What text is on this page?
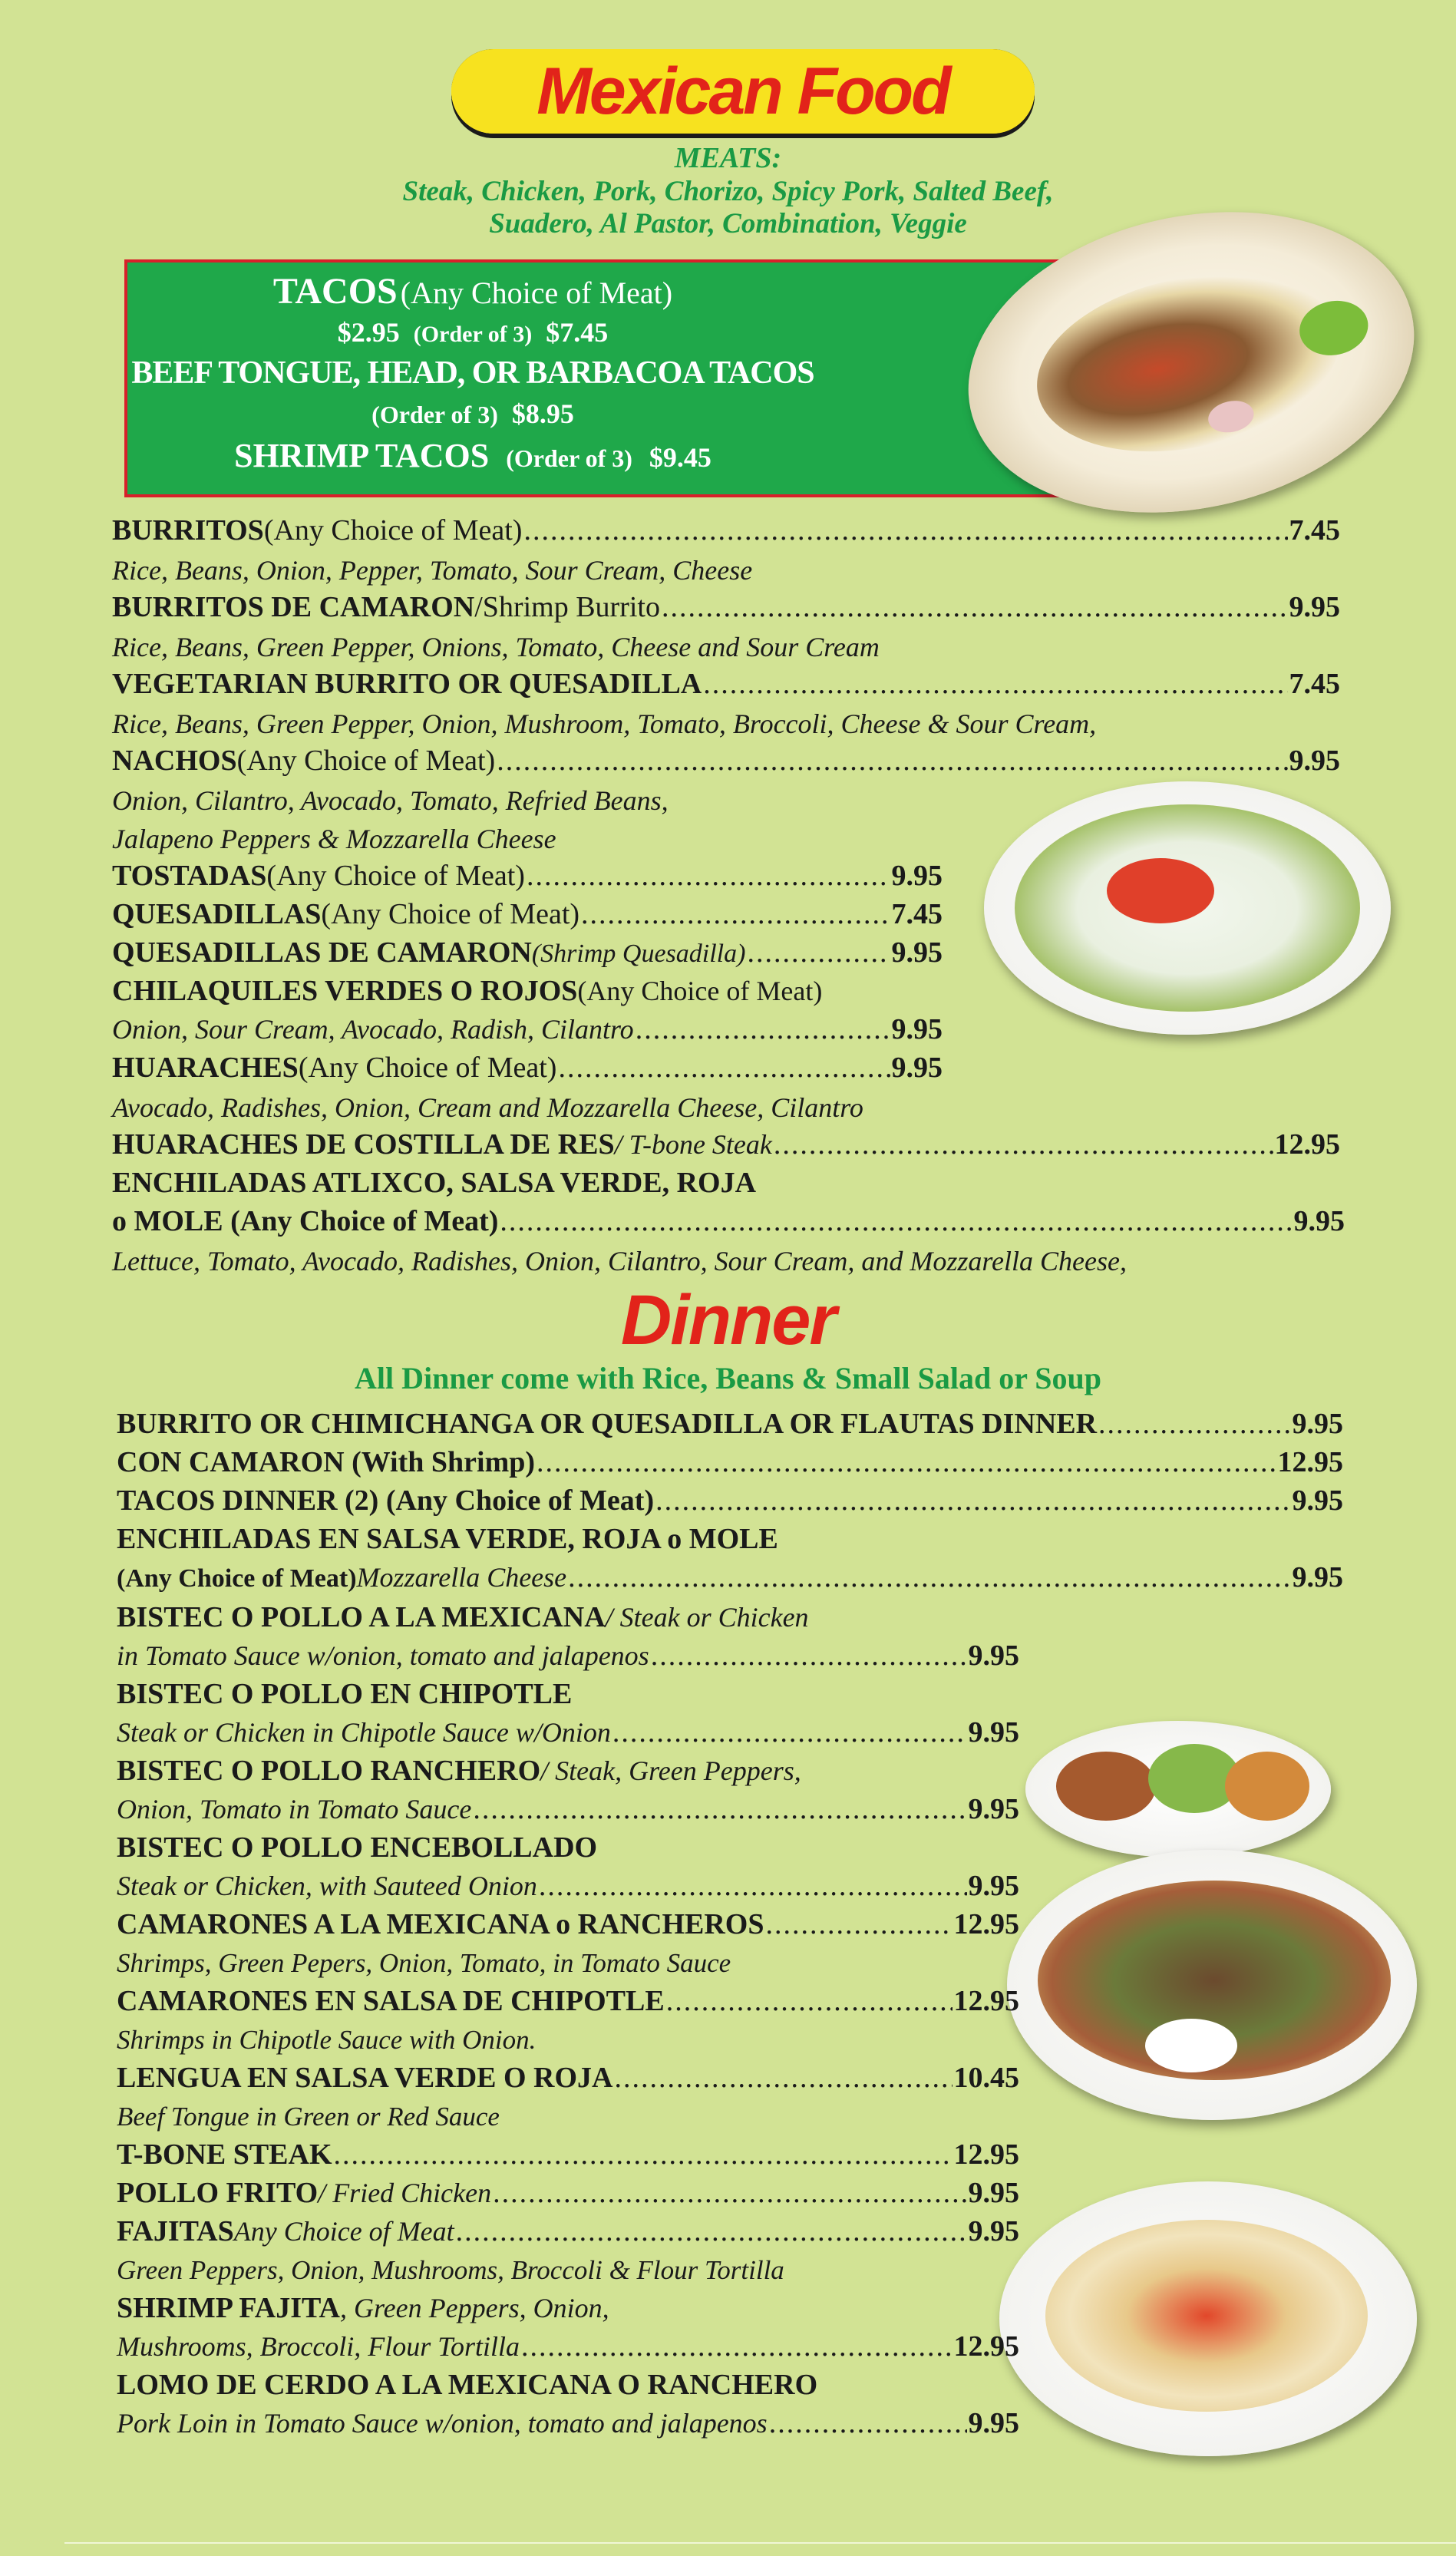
Mexican Food
MEATS:
Steak, Chicken, Pork, Chorizo, Spicy Pork, Salted Beef,
Suadero, Al Pastor, Combination, Veggie
TACOS (Any Choice of Meat)
$2.95 (Order of 3) $7.45
BEEF TONGUE, HEAD, OR BARBACOA TACOS
(Order of 3) $8.95
SHRIMP TACOS (Order of 3) $9.45
BURRITOS (Any Choice of Meat) .....	7.45
Rice, Beans, Onion, Pepper, Tomato, Sour Cream, Cheese
BURRITOS DE CAMARON /Shrimp Burrito .....	9.95
Rice, Beans, Green Pepper, Onions, Tomato, Cheese and Sour Cream
VEGETARIAN BURRITO OR QUESADILLA .....	7.45
Rice, Beans, Green Pepper, Onion, Mushroom, Tomato, Broccoli, Cheese & Sour Cream,
NACHOS (Any Choice of Meat) .....	9.95
Onion, Cilantro, Avocado, Tomato, Refried Beans,
Jalapeno Peppers & Mozzarella Cheese
TOSTADAS (Any Choice of Meat) .....	9.95
QUESADILLAS (Any Choice of Meat) .....	7.45
QUESADILLAS DE CAMARON (Shrimp Quesadilla) .....	9.95
CHILAQUILES VERDES O ROJOS (Any Choice of Meat)
Onion, Sour Cream, Avocado, Radish, Cilantro .....	9.95
HUARACHES (Any Choice of Meat) .....	9.95
Avocado, Radishes, Onion, Cream and Mozzarella Cheese, Cilantro
HUARACHES DE COSTILLA DE RES / T-bone Steak .....	12.95
ENCHILADAS ATLIXCO, SALSA VERDE, ROJA
o MOLE (Any Choice of Meat) .....	9.95
Lettuce, Tomato, Avocado, Radishes, Onion, Cilantro, Sour Cream, and Mozzarella Cheese,
Dinner
All Dinner come with Rice, Beans & Small Salad or Soup
BURRITO OR CHIMICHANGA OR QUESADILLA OR FLAUTAS DINNER .....	9.95
CON CAMARON (With Shrimp) .....	12.95
TACOS DINNER (2) (Any Choice of Meat) .....	9.95
ENCHILADAS EN SALSA VERDE, ROJA o MOLE
(Any Choice of Meat) Mozzarella Cheese .....	9.95
BISTEC O POLLO A LA MEXICANA / Steak or Chicken
in Tomato Sauce w/onion, tomato and jalapenos .....	9.95
BISTEC O POLLO EN CHIPOTLE
Steak or Chicken in Chipotle Sauce w/Onion .....	9.95
BISTEC O POLLO RANCHERO / Steak, Green Peppers,
Onion, Tomato in Tomato Sauce .....	9.95
BISTEC O POLLO ENCEBOLLADO
Steak or Chicken, with Sauteed Onion .....	9.95
CAMARONES A LA MEXICANA o RANCHEROS .....	12.95
Shrimps, Green Pepers, Onion, Tomato, in Tomato Sauce
CAMARONES EN SALSA DE CHIPOTLE .....	12.95
Shrimps in Chipotle Sauce with Onion.
LENGUA EN SALSA VERDE O ROJA .....	10.45
Beef Tongue in Green or Red Sauce
T-BONE STEAK .....	12.95
POLLO FRITO / Fried Chicken .....	9.95
FAJITAS Any Choice of Meat .....	9.95
Green Peppers, Onion, Mushrooms, Broccoli & Flour Tortilla
SHRIMP FAJITA , Green Peppers, Onion,
Mushrooms, Broccoli, Flour Tortilla .....	12.95
LOMO DE CERDO A LA MEXICANA O RANCHERO
Pork Loin in Tomato Sauce w/onion, tomato and jalapenos .....	9.95
